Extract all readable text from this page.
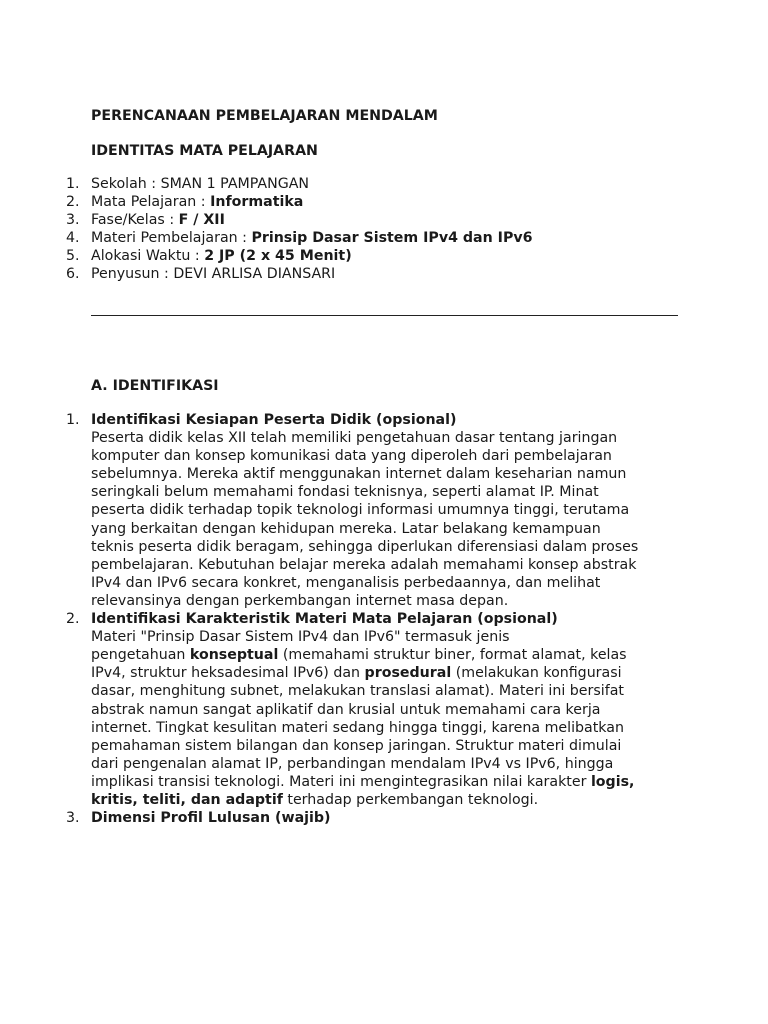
PERENCANAAN PEMBELAJARAN MENDALAM
IDENTITAS MATA PELAJARAN
1. Sekolah : SMAN 1 PAMPANGAN
2. Mata Pelajaran : Informatika
3. Fase/Kelas : F / XII
4. Materi Pembelajaran : Prinsip Dasar Sistem IPv4 dan IPv6
5. Alokasi Waktu : 2 JP (2 x 45 Menit)
6. Penyusun : DEVI ARLISA DIANSARI
A. IDENTIFIKASI
1. Identifikasi Kesiapan Peserta Didik (opsional)
Peserta didik kelas XII telah memiliki pengetahuan dasar tentang jaringan
komputer dan konsep komunikasi data yang diperoleh dari pembelajaran
sebelumnya. Mereka aktif menggunakan internet dalam keseharian namun
seringkali belum memahami fondasi teknisnya, seperti alamat IP. Minat
peserta didik terhadap topik teknologi informasi umumnya tinggi, terutama
yang berkaitan dengan kehidupan mereka. Latar belakang kemampuan
teknis peserta didik beragam, sehingga diperlukan diferensiasi dalam proses
pembelajaran. Kebutuhan belajar mereka adalah memahami konsep abstrak
IPv4 dan IPv6 secara konkret, menganalisis perbedaannya, dan melihat
relevansinya dengan perkembangan internet masa depan.
2. Identifikasi Karakteristik Materi Mata Pelajaran (opsional)
Materi "Prinsip Dasar Sistem IPv4 dan IPv6" termasuk jenis
pengetahuan konseptual (memahami struktur biner, format alamat, kelas
IPv4, struktur heksadesimal IPv6) dan prosedural (melakukan konfigurasi
dasar, menghitung subnet, melakukan translasi alamat). Materi ini bersifat
abstrak namun sangat aplikatif dan krusial untuk memahami cara kerja
internet. Tingkat kesulitan materi sedang hingga tinggi, karena melibatkan
pemahaman sistem bilangan dan konsep jaringan. Struktur materi dimulai
dari pengenalan alamat IP, perbandingan mendalam IPv4 vs IPv6, hingga
implikasi transisi teknologi. Materi ini mengintegrasikan nilai karakter logis,
kritis, teliti, dan adaptif terhadap perkembangan teknologi.
3. Dimensi Profil Lulusan (wajib)
